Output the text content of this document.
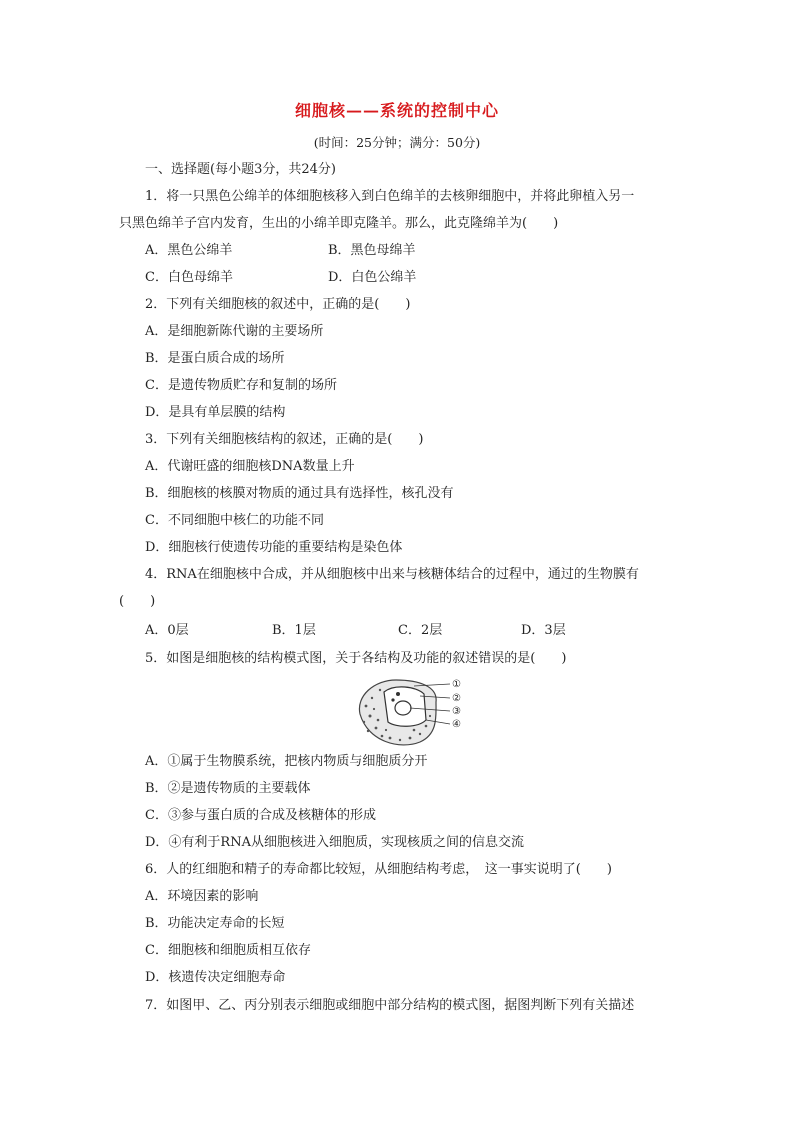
细胞核——系统的控制中心
(时间：25分钟；满分：50分)
一、选择题(每小题3分，共24分)
1．将一只黑色公绵羊的体细胞核移入到白色绵羊的去核卵细胞中，并将此卵植入另一
只黑色绵羊子宫内发育，生出的小绵羊即克隆羊。那么，此克隆绵羊为(　　)
A．黑色公绵羊	B．黑色母绵羊
C．白色母绵羊	D．白色公绵羊
2．下列有关细胞核的叙述中，正确的是(　　)
A．是细胞新陈代谢的主要场所
B．是蛋白质合成的场所
C．是遗传物质贮存和复制的场所
D．是具有单层膜的结构
3．下列有关细胞核结构的叙述，正确的是(　　)
A．代谢旺盛的细胞核DNA数量上升
B．细胞核的核膜对物质的通过具有选择性，核孔没有
C．不同细胞中核仁的功能不同
D．细胞核行使遗传功能的重要结构是染色体
4．RNA在细胞核中合成，并从细胞核中出来与核糖体结合的过程中，通过的生物膜有
(　　)
A．0层	B．1层	C．2层	D．3层
5．如图是细胞核的结构模式图，关于各结构及功能的叙述错误的是(　　)
①
②
③
④
A．①属于生物膜系统，把核内物质与细胞质分开
B．②是遗传物质的主要载体
C．③参与蛋白质的合成及核糖体的形成
D．④有利于RNA从细胞核进入细胞质，实现核质之间的信息交流
6．人的红细胞和精子的寿命都比较短，从细胞结构考虑，　这一事实说明了(　　)
A．环境因素的影响
B．功能决定寿命的长短
C．细胞核和细胞质相互依存
D．核遗传决定细胞寿命
7．如图甲、乙、丙分别表示细胞或细胞中部分结构的模式图，据图判断下列有关描述
